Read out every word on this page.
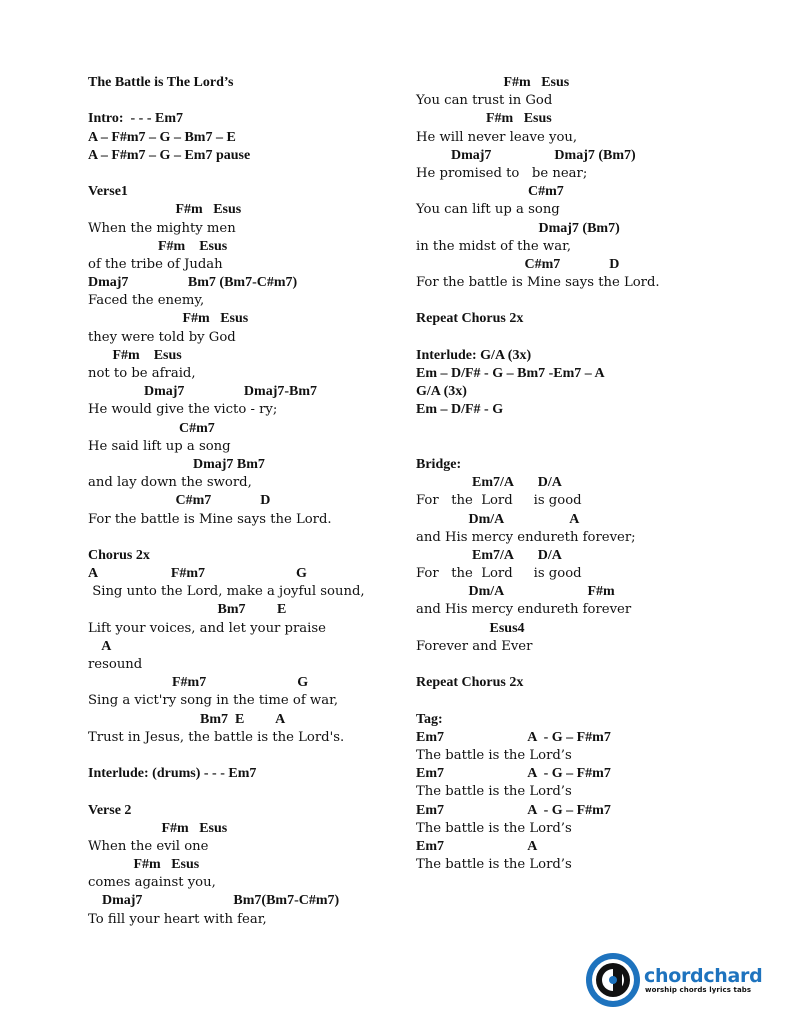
The Battle is The Lord’s
Intro:  - - - Em7
A – F#m7 – G – Bm7 – E
A – F#m7 – G – Em7 pause
Verse1
F#m   Esus
When the mighty men
F#m    Esus
of the tribe of Judah
Dmaj7                 Bm7 (Bm7-C#m7)
Faced the enemy,
F#m   Esus
they were told by God
F#m    Esus
not to be afraid,
Dmaj7                 Dmaj7-Bm7
He would give the victo - ry;
C#m7
He said lift up a song
Dmaj7 Bm7
and lay down the sword,
C#m7              D
For the battle is Mine says the Lord.
Chorus 2x
A                     F#m7                          G
Sing unto the Lord, make a joyful sound,
Bm7         E
Lift your voices, and let your praise
A
resound
F#m7                          G
Sing a vict'ry song in the time of war,
Bm7  E         A
Trust in Jesus, the battle is the Lord's.
Interlude: (drums) - - - Em7
Verse 2
F#m   Esus
When the evil one
F#m   Esus
comes against you,
Dmaj7                          Bm7(Bm7-C#m7)
To fill your heart with fear,
F#m   Esus
You can trust in God
F#m   Esus
He will never leave you,
Dmaj7                  Dmaj7 (Bm7)
He promised to   be near;
C#m7
You can lift up a song
Dmaj7 (Bm7)
in the midst of the war,
C#m7              D
For the battle is Mine says the Lord.
Repeat Chorus 2x
Interlude: G/A (3x)
Em – D/F# - G – Bm7 -Em7 – A
G/A (3x)
Em – D/F# - G
Bridge:
Em7/A       D/A
For   the  Lord     is good
Dm/A                   A
and His mercy endureth forever;
Em7/A       D/A
For   the  Lord     is good
Dm/A                        F#m
and His mercy endureth forever
Esus4
Forever and Ever
Repeat Chorus 2x
Tag:
Em7                        A  - G – F#m7
The battle is the Lord’s
Em7                        A  - G – F#m7
The battle is the Lord’s
Em7                        A  - G – F#m7
The battle is the Lord’s
Em7                        A
The battle is the Lord’s
chordchard
worship chords lyrics tabs
